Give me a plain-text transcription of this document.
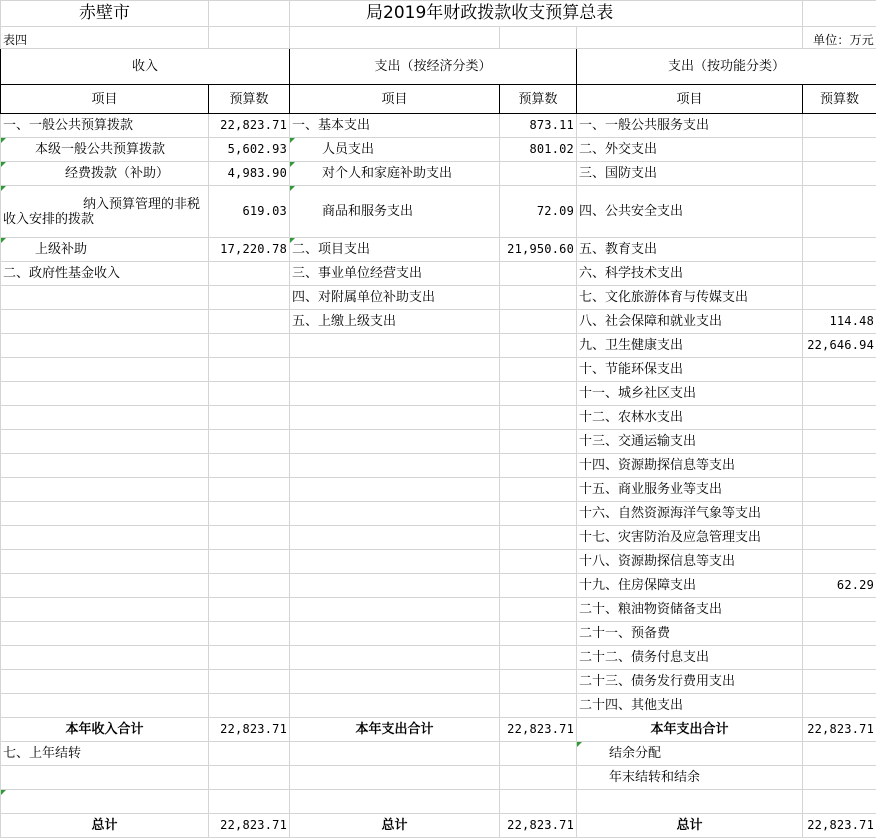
赤壁市		局2019年财政拨款收支预算总表			
表四					单位：万元
收入		支出（按经济分类）		支出（按功能分类）	
项目	预算数	项目	预算数	项目	预算数
一、一般公共预算拨款	22,823.71	一、基本支出	873.11	一、一般公共服务支出	
本级一般公共预算拨款	5,602.93	人员支出	801.02	二、外交支出	
经费拨款（补助）	4,983.90	对个人和家庭补助支出		三、国防支出	
纳入预算管理的非税收入安排的拨款	619.03	商品和服务支出	72.09	四、公共安全支出	
上级补助	17,220.78	二、项目支出	21,950.60	五、教育支出	
二、政府性基金收入		三、事业单位经营支出		六、科学技术支出	
		四、对附属单位补助支出		七、文化旅游体育与传媒支出	
		五、上缴上级支出		八、社会保障和就业支出	114.48
				九、卫生健康支出	22,646.94
				十、节能环保支出	
				十一、城乡社区支出	
				十二、农林水支出	
				十三、交通运输支出	
				十四、资源勘探信息等支出	
				十五、商业服务业等支出	
				十六、自然资源海洋气象等支出	
				十七、灾害防治及应急管理支出	
				十八、资源勘探信息等支出	
				十九、住房保障支出	62.29
				二十、粮油物资储备支出	
				二十一、预备费	
				二十二、债务付息支出	
				二十三、债务发行费用支出	
				二十四、其他支出	
本年收入合计	22,823.71	本年支出合计	22,823.71	本年支出合计	22,823.71
七、上年结转				结余分配	
				年末结转和结余	

总计	22,823.71	总计	22,823.71	总计	22,823.71
